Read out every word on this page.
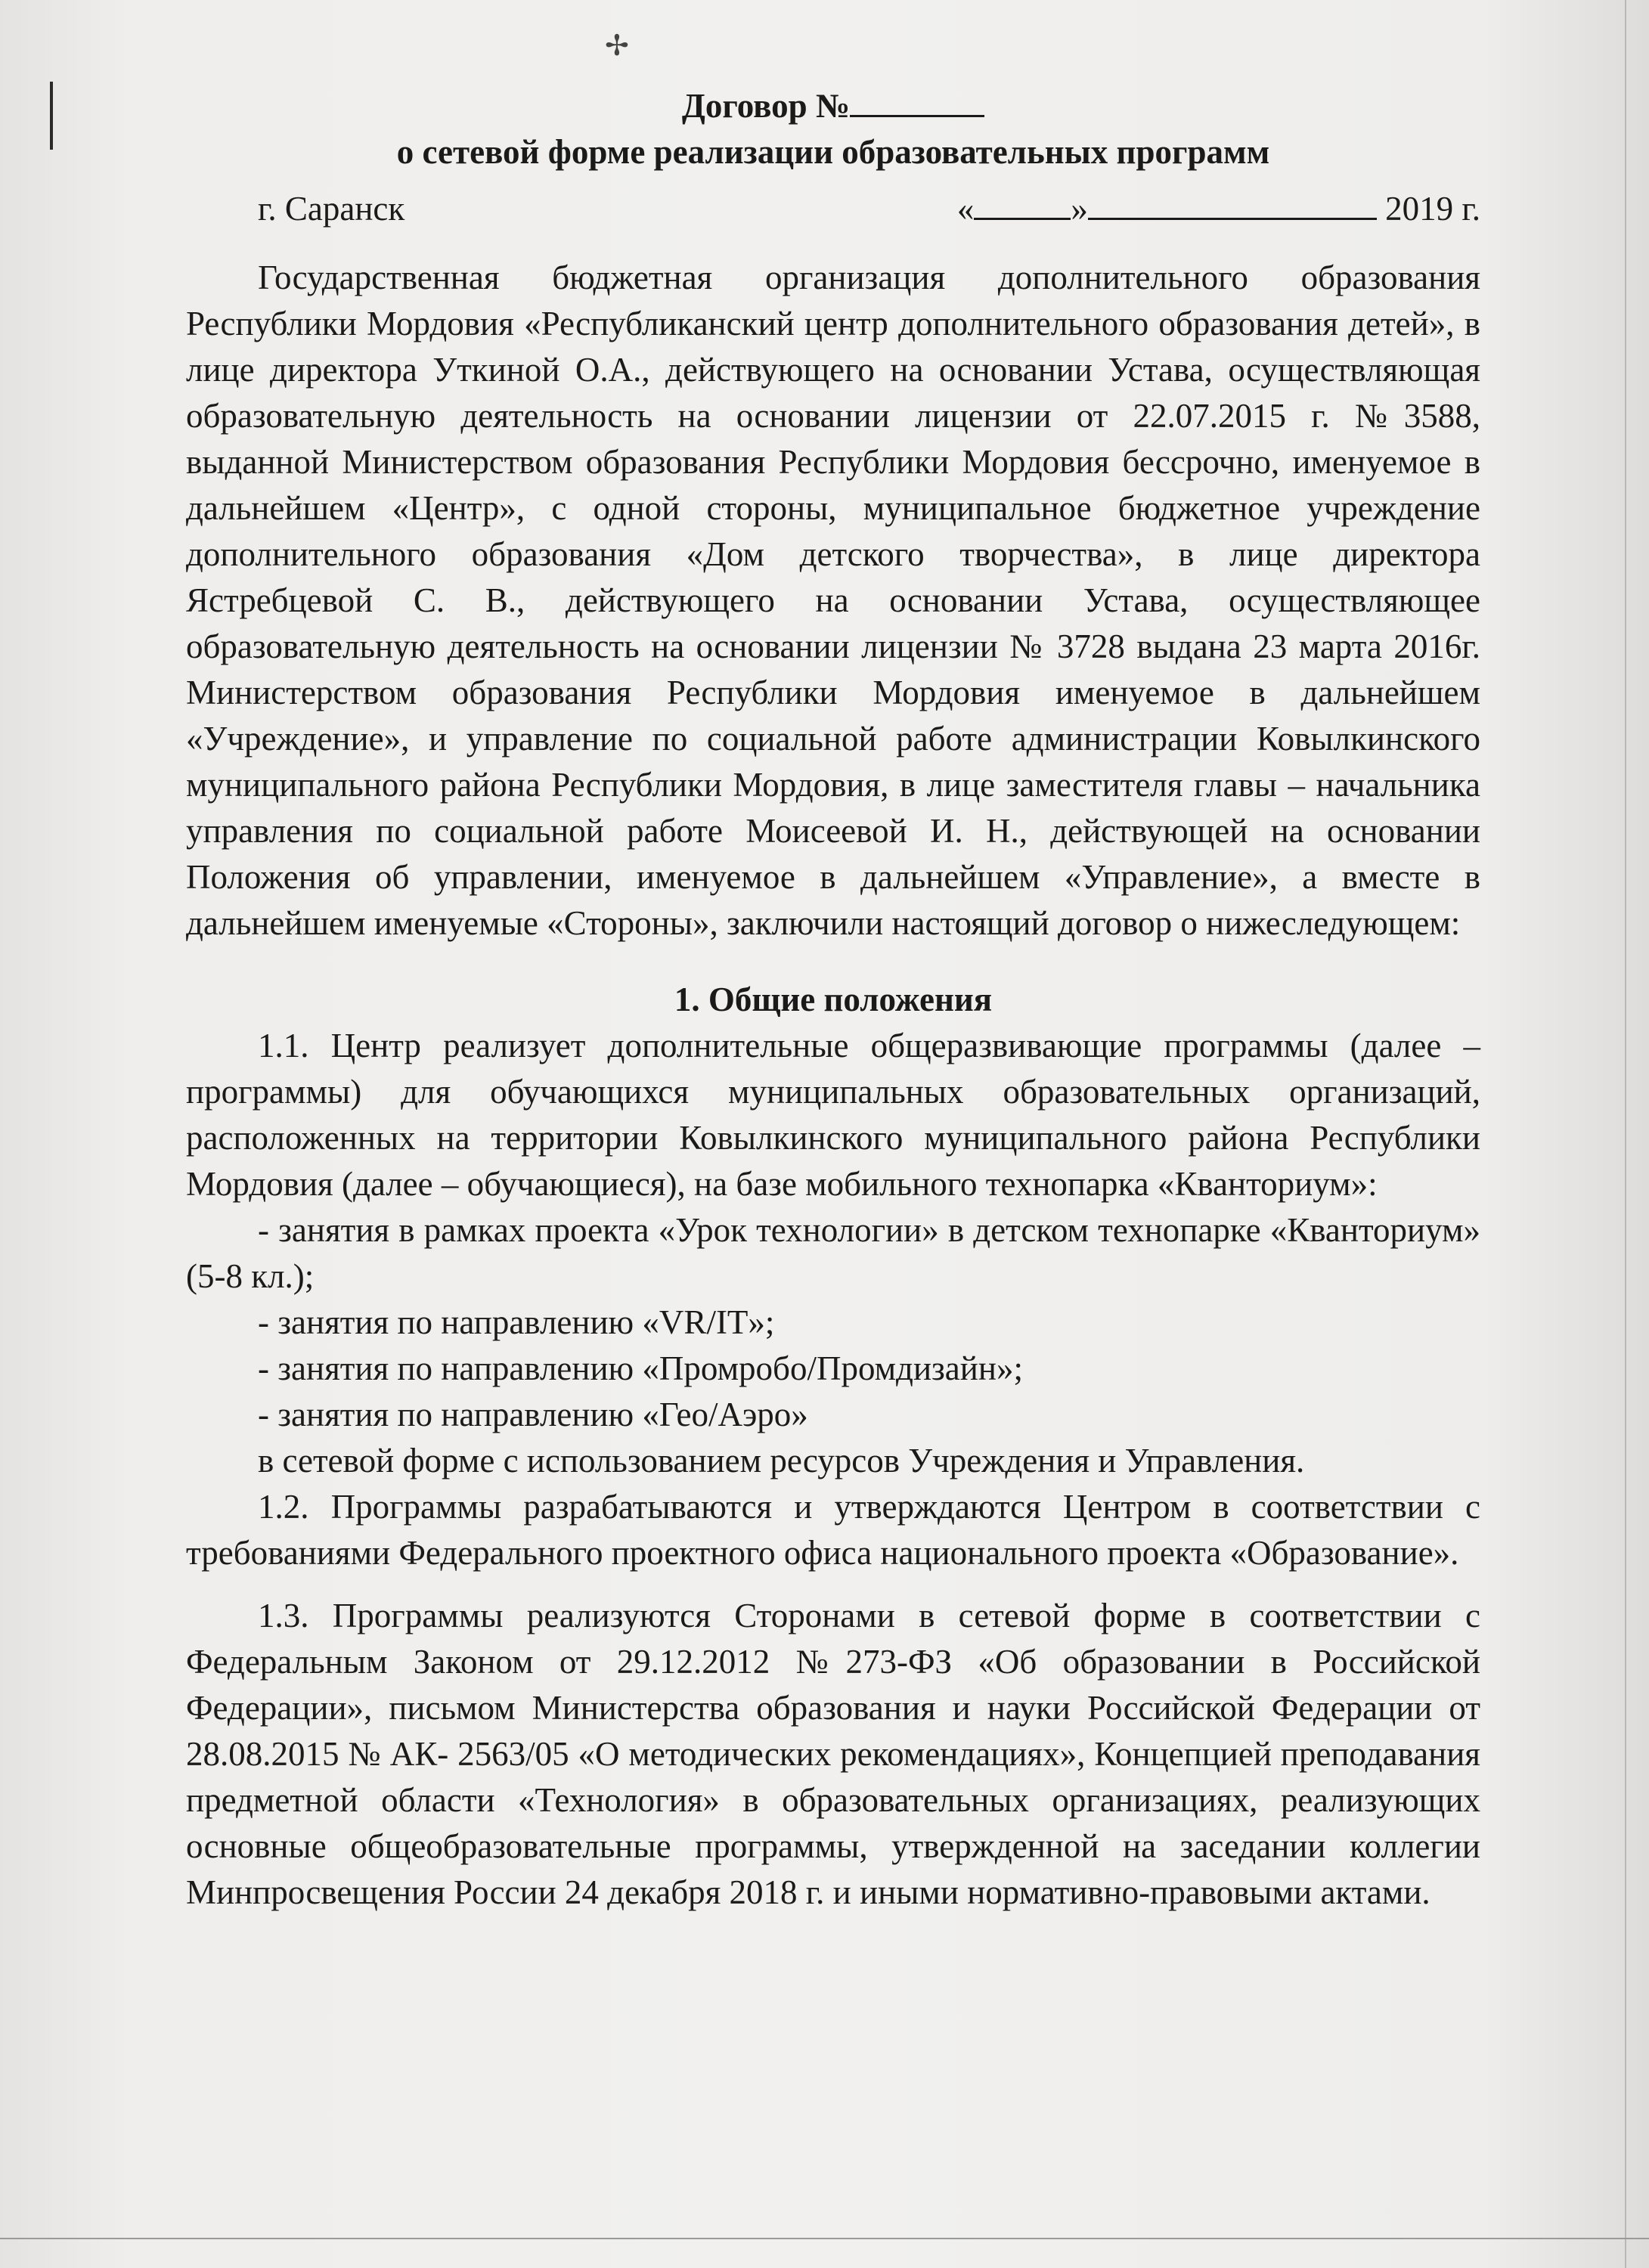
✢

Договор №

о сетевой форме реализации образовательных программ

г. Саранск	«	»	2019 г.

Государственная бюджетная организация дополнительного образования Республики Мордовия «Республиканский центр дополнительного образования детей», в лице директора Уткиной О.А., действующего на основании Устава, осуществляющая образовательную деятельность на основании лицензии от 22.07.2015 г. №3588, выданной Министерством образования Республики Мордовия бессрочно, именуемое в дальнейшем «Центр», с одной стороны, муниципальное бюджетное учреждение дополнительного образования «Дом детского творчества», в лице директора Ястребцевой С. В., действующего на основании Устава, осуществляющее образовательную деятельность на основании лицензии № 3728 выдана 23 марта 2016г. Министерством образования Республики Мордовия именуемое в дальнейшем «Учреждение», и управление по социальной работе администрации Ковылкинского муниципального района Республики Мордовия, в лице заместителя главы – начальника управления по социальной работе Моисеевой И. Н., действующей на основании Положения об управлении, именуемое в дальнейшем «Управление», а вместе в дальнейшем именуемые «Стороны», заключили настоящий договор о нижеследующем:

1. Общие положения

1.1. Центр реализует дополнительные общеразвивающие программы (далее – программы) для обучающихся муниципальных образовательных организаций, расположенных на территории Ковылкинского муниципального района Республики Мордовия (далее – обучающиеся), на базе мобильного технопарка «Кванториум»:

- занятия в рамках проекта «Урок технологии» в детском технопарке «Кванториум» (5-8 кл.);

- занятия по направлению «VR/IT»;

- занятия по направлению «Промробо/Промдизайн»;

- занятия по направлению «Гео/Аэро»

в сетевой форме с использованием ресурсов Учреждения и Управления.

1.2. Программы разрабатываются и утверждаются Центром в соответствии с требованиями Федерального проектного офиса национального проекта «Образование».

1.3. Программы реализуются Сторонами в сетевой форме в соответствии с Федеральным Законом от 29.12.2012 №273-ФЗ «Об образовании в Российской Федерации», письмом Министерства образования и науки Российской Федерации от 28.08.2015 № АК- 2563/05 «О методических рекомендациях», Концепцией преподавания предметной области «Технология» в образовательных организациях, реализующих основные общеобразовательные программы, утвержденной на заседании коллегии Минпросвещения России 24 декабря 2018 г. и иными нормативно-правовыми актами.
